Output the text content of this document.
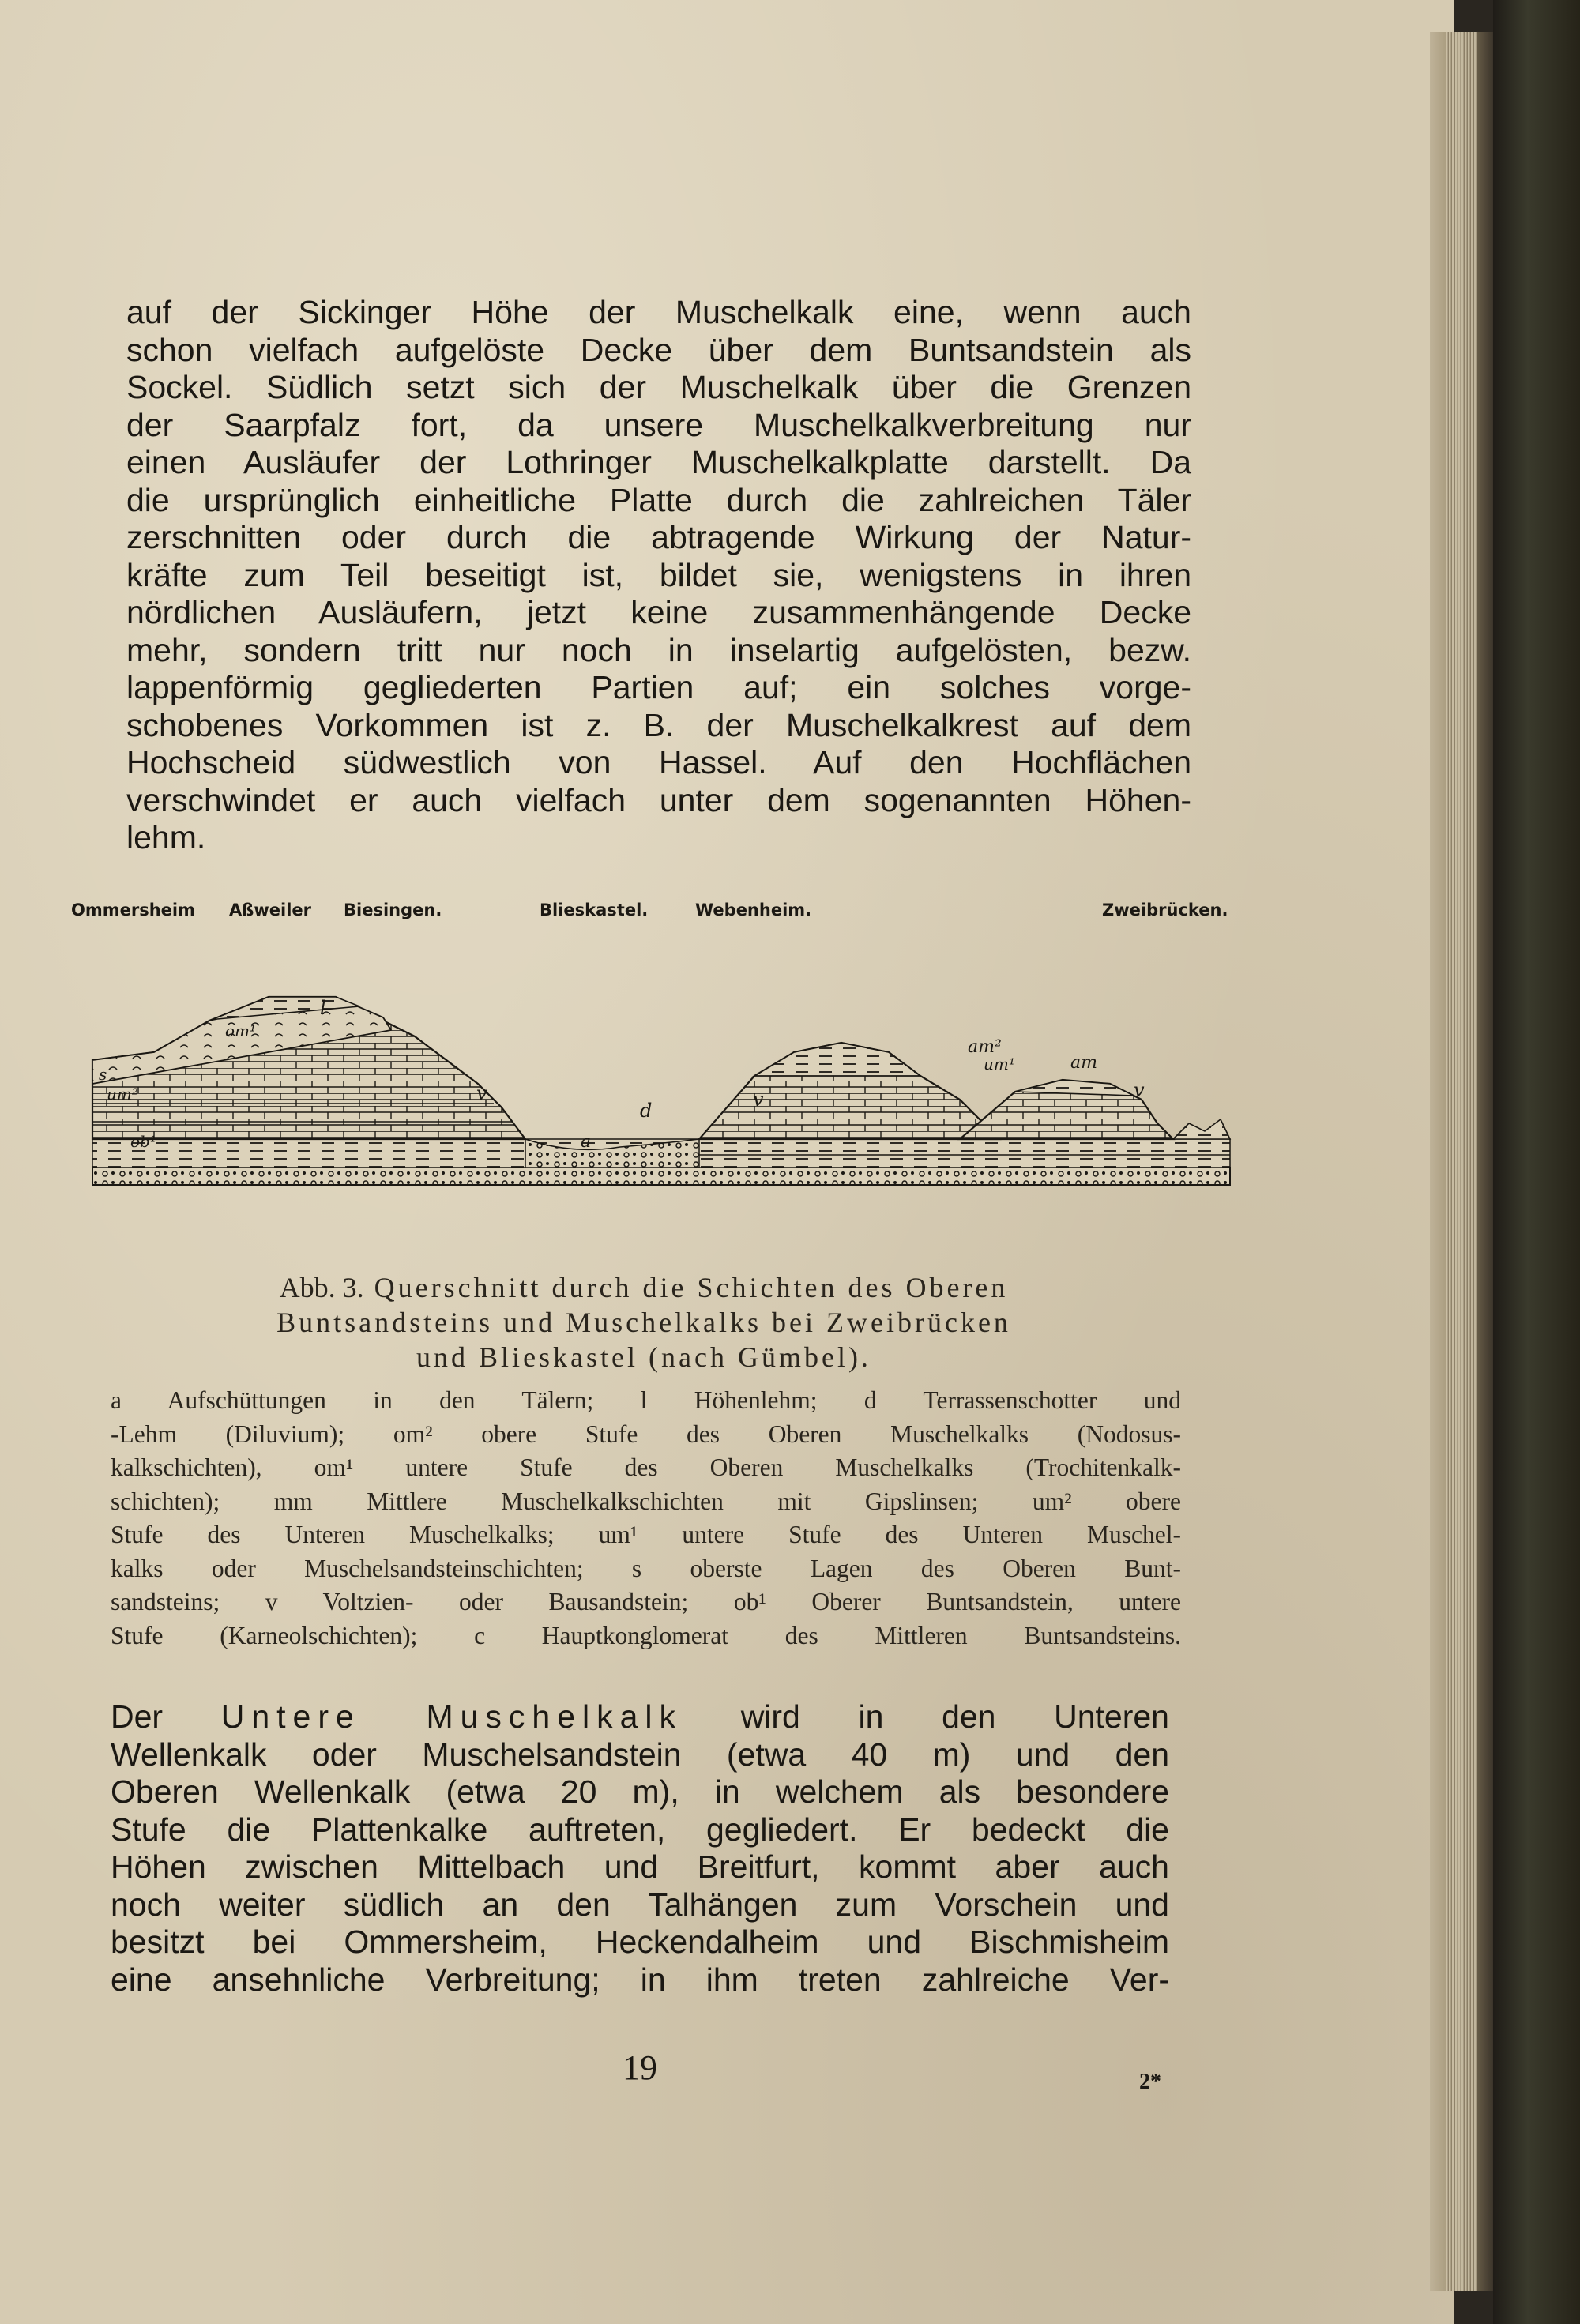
auf der Sickinger Höhe der Muschelkalk eine, wenn auch
schon vielfach aufgelöste Decke über dem Buntsandstein als
Sockel. Südlich setzt sich der Muschelkalk über die Grenzen
der Saarpfalz fort, da unsere Muschelkalkverbreitung nur
einen Ausläufer der Lothringer Muschelkalkplatte darstellt. Da
die ursprünglich einheitliche Platte durch die zahlreichen Täler
zerschnitten oder durch die abtragende Wirkung der Natur-
kräfte zum Teil beseitigt ist, bildet sie, wenigstens in ihren
nördlichen Ausläufern, jetzt keine zusammenhängende Decke
mehr, sondern tritt nur noch in inselartig aufgelösten, bezw.
lappenförmig gegliederten Partien auf; ein solches vorge-
schobenes Vorkommen ist z. B. der Muschelkalkrest auf dem
Hochscheid südwestlich von Hassel. Auf den Hochflächen
verschwindet er auch vielfach unter dem sogenannten Höhen-
lehm.
Ommersheim Aßweiler Biesingen.	Blieskastel.	Webenheim.	Zweibrücken.
l
v
d
a
v
am²
um¹	am
v
ob¹
om¹
um²
s
Abb. 3. Querschnitt durch die Schichten des Oberen
Buntsandsteins und Muschelkalks bei Zweibrücken
und Blieskastel (nach Gümbel).
a Aufschüttungen in den Tälern; l Höhenlehm; d Terrassenschotter und
-Lehm (Diluvium); om² obere Stufe des Oberen Muschelkalks (Nodosus-
kalkschichten), om¹ untere Stufe des Oberen Muschelkalks (Trochitenkalk-
schichten); mm Mittlere Muschelkalkschichten mit Gipslinsen; um² obere
Stufe des Unteren Muschelkalks; um¹ untere Stufe des Unteren Muschel-
kalks oder Muschelsandsteinschichten; s oberste Lagen des Oberen Bunt-
sandsteins; v Voltzien- oder Bausandstein; ob¹ Oberer Buntsandstein, untere
Stufe (Karneolschichten); c Hauptkonglomerat des Mittleren Buntsandsteins.
Der Untere Muschelkalk wird in den Unteren
Wellenkalk oder Muschelsandstein (etwa 40 m) und den
Oberen Wellenkalk (etwa 20 m), in welchem als besondere
Stufe die Plattenkalke auftreten, gegliedert. Er bedeckt die
Höhen zwischen Mittelbach und Breitfurt, kommt aber auch
noch weiter südlich an den Talhängen zum Vorschein und
besitzt bei Ommersheim, Heckendalheim und Bischmisheim
eine ansehnliche Verbreitung; in ihm treten zahlreiche Ver-
19	2*
